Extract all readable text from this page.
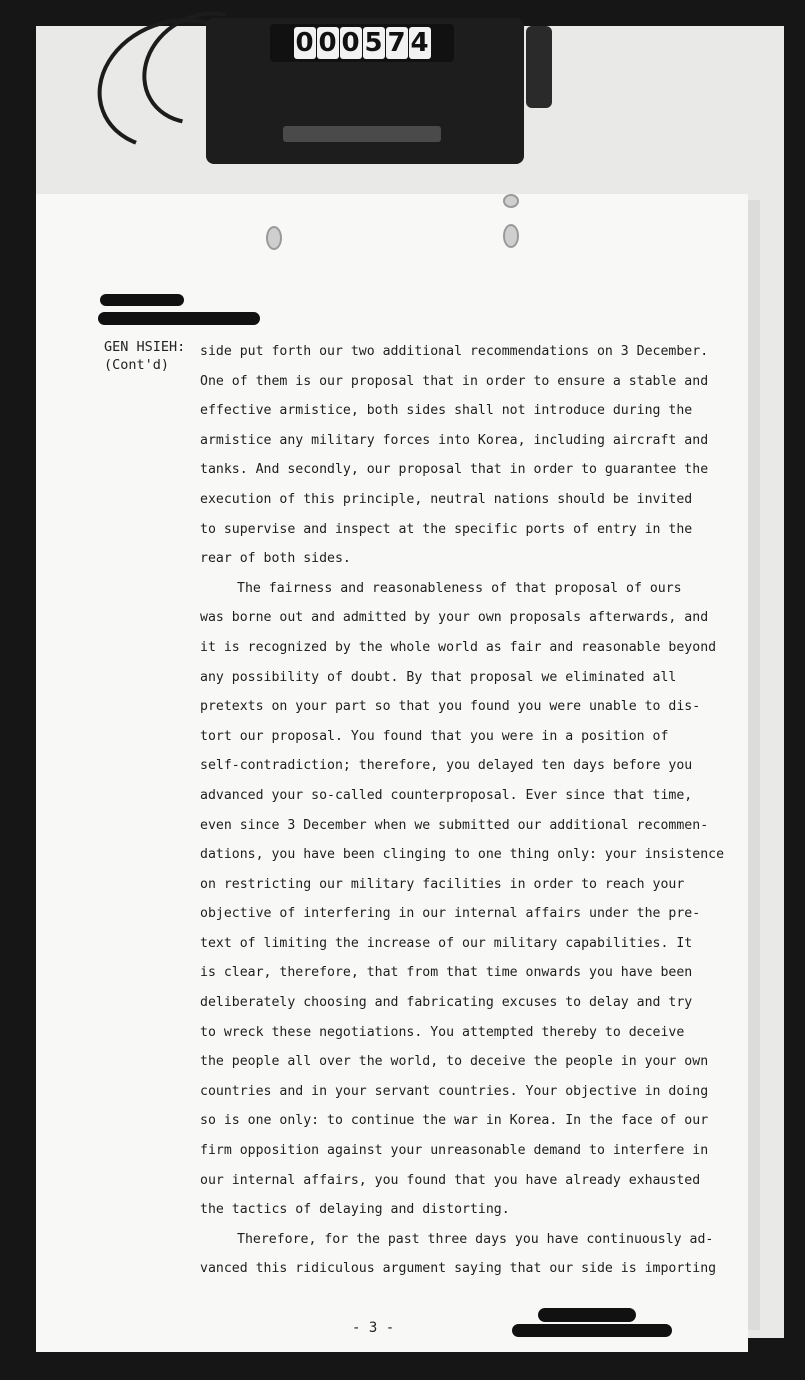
0 0 0 5 7 4
GEN HSIEH:
(Cont'd)

side put forth our two additional recommendations on 3 December.
One of them is our proposal that in order to ensure a stable and
effective armistice, both sides shall not introduce during the
armistice any military forces into Korea, including aircraft and
tanks. And secondly, our proposal that in order to guarantee the
execution of this principle, neutral nations should be invited
to supervise and inspect at the specific ports of entry in the
rear of both sides.

The fairness and reasonableness of that proposal of ours
was borne out and admitted by your own proposals afterwards, and
it is recognized by the whole world as fair and reasonable beyond
any possibility of doubt. By that proposal we eliminated all
pretexts on your part so that you found you were unable to dis-
tort our proposal. You found that you were in a position of
self-contradiction; therefore, you delayed ten days before you
advanced your so-called counterproposal. Ever since that time,
even since 3 December when we submitted our additional recommen-
dations, you have been clinging to one thing only: your insistence
on restricting our military facilities in order to reach your
objective of interfering in our internal affairs under the pre-
text of limiting the increase of our military capabilities. It
is clear, therefore, that from that time onwards you have been
deliberately choosing and fabricating excuses to delay and try
to wreck these negotiations. You attempted thereby to deceive
the people all over the world, to deceive the people in your own
countries and in your servant countries. Your objective in doing
so is one only: to continue the war in Korea. In the face of our
firm opposition against your unreasonable demand to interfere in
our internal affairs, you found that you have already exhausted
the tactics of delaying and distorting.

Therefore, for the past three days you have continuously ad-
vanced this ridiculous argument saying that our side is importing

- 3 -
